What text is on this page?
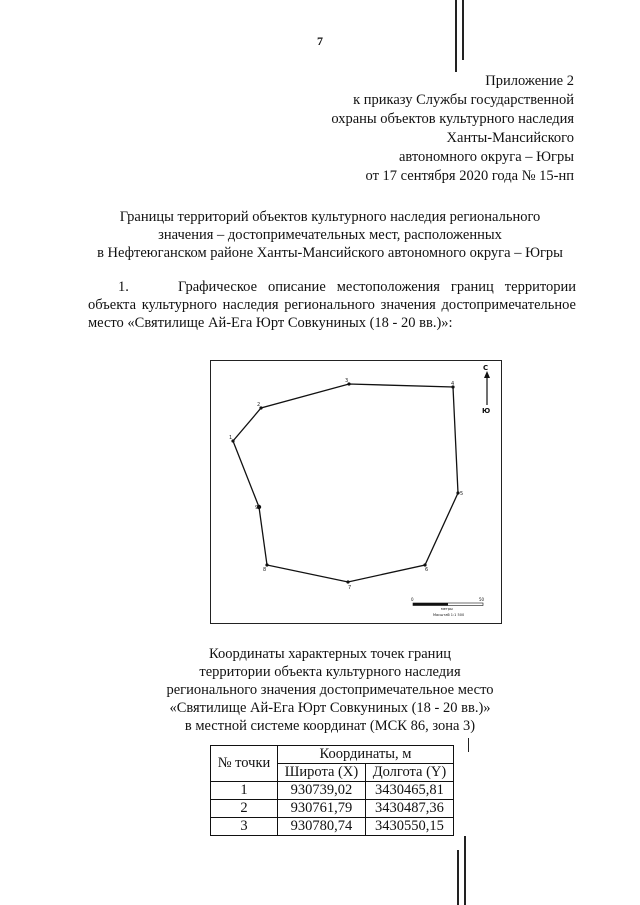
7
Приложение 2
к приказу Службы государственной
охраны объектов культурного наследия
Ханты-Мансийского
автономного округа – Югры
от 17 сентября 2020 года № 15-нп
Границы территорий объектов культурного наследия регионального
значения – достопримечательных мест, расположенных
в Нефтеюганском районе Ханты-Мансийского автономного округа – Югры
1.	Графическое описание местоположения границ территории объекта культурного наследия регионального значения достопримечательное место «Святилище Ай-Ега Юрт Совкуниных (18 - 20 вв.)»:
1
2
3	4
5
6
7
8
9
С
Ю
0	50
метры
Масштаб 1:1 500
Координаты характерных точек границ
территории объекта культурного наследия
регионального значения достопримечательное место
«Святилище Ай-Ега Юрт Совкуниных (18 - 20 вв.)»
в местной системе координат (МСК 86, зона 3)
№ точки	Координаты, м	
	Широта (X)	Долгота (Y)
1	930739,02	3430465,81
2	930761,79	3430487,36
3	930780,74	3430550,15
